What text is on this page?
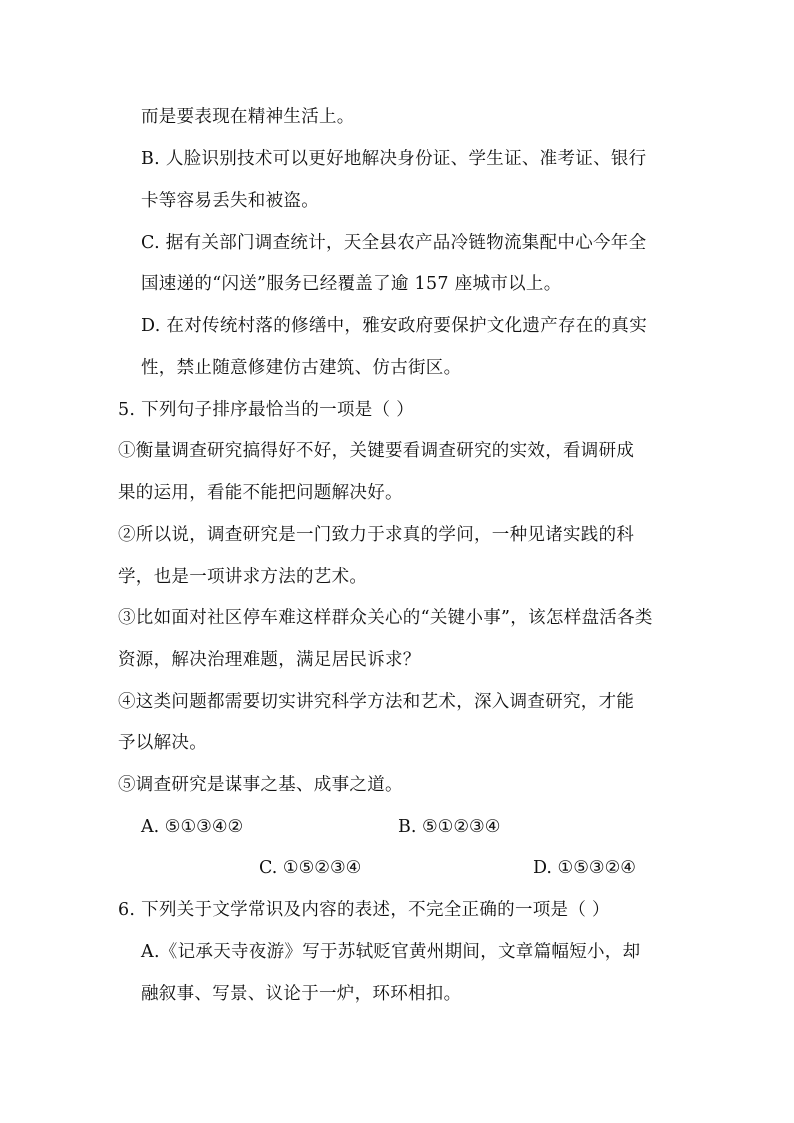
而是要表现在精神生活上。
B. 人脸识别技术可以更好地解决身份证、学生证、准考证、银行
卡等容易丢失和被盗。
C. 据有关部门调查统计，天全县农产品冷链物流集配中心今年全
国速递的“闪送”服务已经覆盖了逾 157 座城市以上。
D. 在对传统村落的修缮中，雅安政府要保护文化遗产存在的真实
性，禁止随意修建仿古建筑、仿古街区。
5. 下列句子排序最恰当的一项是（ ）
①衡量调查研究搞得好不好，关键要看调查研究的实效，看调研成
果的运用，看能不能把问题解决好。
②所以说，调查研究是一门致力于求真的学问，一种见诸实践的科
学，也是一项讲求方法的艺术。
③比如面对社区停车难这样群众关心的“关键小事”，该怎样盘活各类
资源，解决治理难题，满足居民诉求？
④这类问题都需要切实讲究科学方法和艺术，深入调查研究，才能
予以解决。
⑤调查研究是谋事之基、成事之道。
A. ⑤①③④②	B. ⑤①②③④
C. ①⑤②③④	D. ①⑤③②④
6. 下列关于文学常识及内容的表述，不完全正确的一项是（ ）
A.《记承天寺夜游》写于苏轼贬官黄州期间，文章篇幅短小，却
融叙事、写景、议论于一炉，环环相扣。
